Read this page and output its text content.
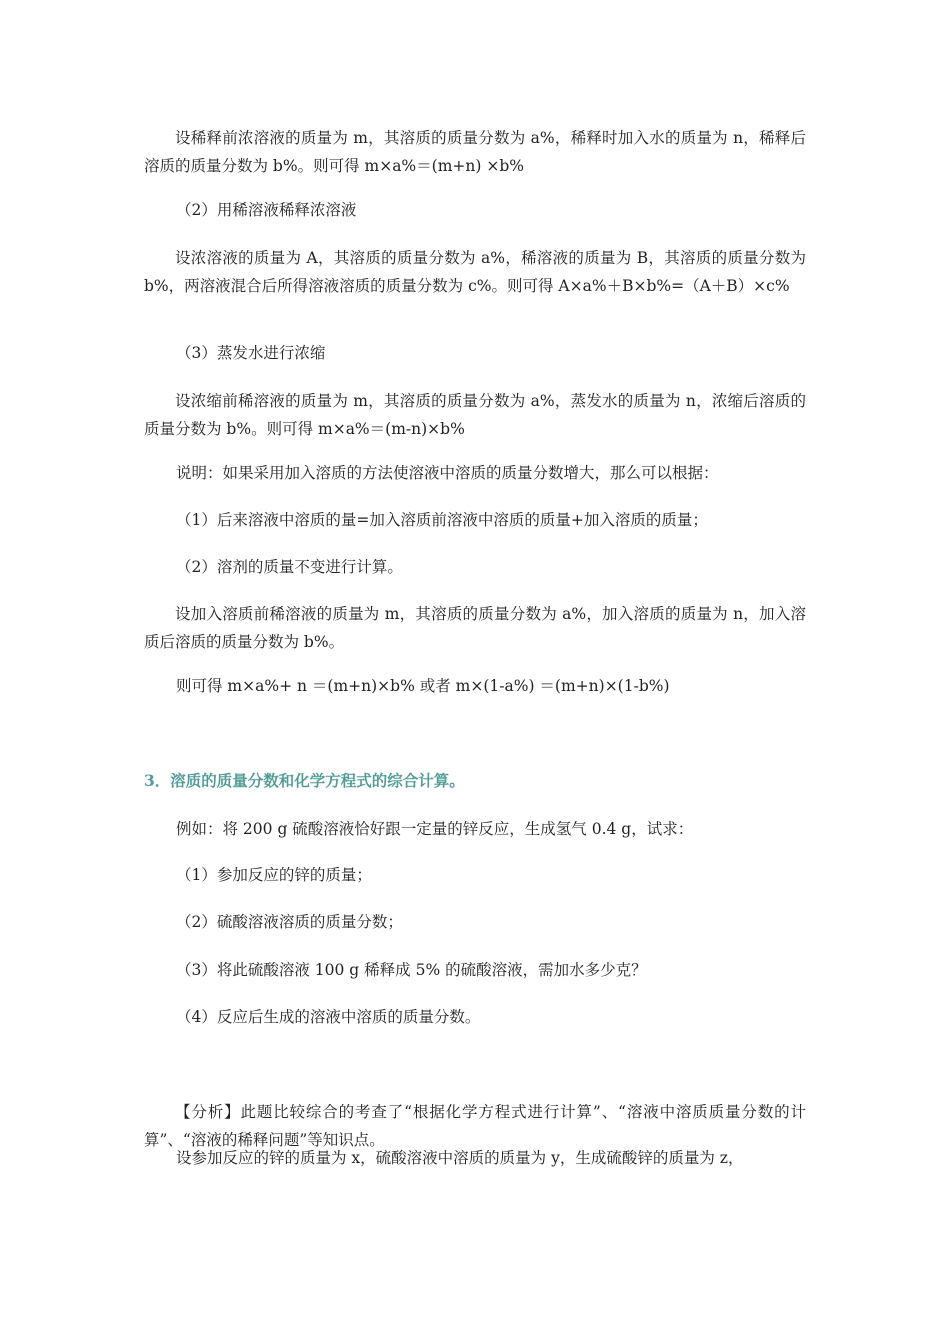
设稀释前浓溶液的质量为 m，其溶质的质量分数为 a%，稀释时加入水的质量为 n，稀释后溶质的质量分数为 b%。则可得 m×a%＝(m+n) ×b%

（2）用稀溶液稀释浓溶液

设浓溶液的质量为 A，其溶质的质量分数为 a%，稀溶液的质量为 B，其溶质的质量分数为 b%，两溶液混合后所得溶液溶质的质量分数为 c%。则可得 A×a%＋B×b%=（A＋B）×c%

（3）蒸发水进行浓缩

设浓缩前稀溶液的质量为 m，其溶质的质量分数为 a%，蒸发水的质量为 n，浓缩后溶质的质量分数为 b%。则可得 m×a%＝(m-n)×b%

说明：如果采用加入溶质的方法使溶液中溶质的质量分数增大，那么可以根据：

（1）后来溶液中溶质的量=加入溶质前溶液中溶质的质量+加入溶质的质量；

（2）溶剂的质量不变进行计算。

设加入溶质前稀溶液的质量为 m，其溶质的质量分数为 a%，加入溶质的质量为 n，加入溶质后溶质的质量分数为 b%。

则可得 m×a%+ n ＝(m+n)×b% 或者 m×(1-a%) ＝(m+n)×(1-b%)

3．溶质的质量分数和化学方程式的综合计算。

例如：将 200 g 硫酸溶液恰好跟一定量的锌反应，生成氢气 0.4 g，试求：

（1）参加反应的锌的质量；

（2）硫酸溶液溶质的质量分数；

（3）将此硫酸溶液 100 g 稀释成 5% 的硫酸溶液，需加水多少克？

（4）反应后生成的溶液中溶质的质量分数。

【分析】此题比较综合的考查了“根据化学方程式进行计算”、“溶液中溶质质量分数的计算”、“溶液的稀释问题”等知识点。

设参加反应的锌的质量为 x，硫酸溶液中溶质的质量为 y，生成硫酸锌的质量为 z，
